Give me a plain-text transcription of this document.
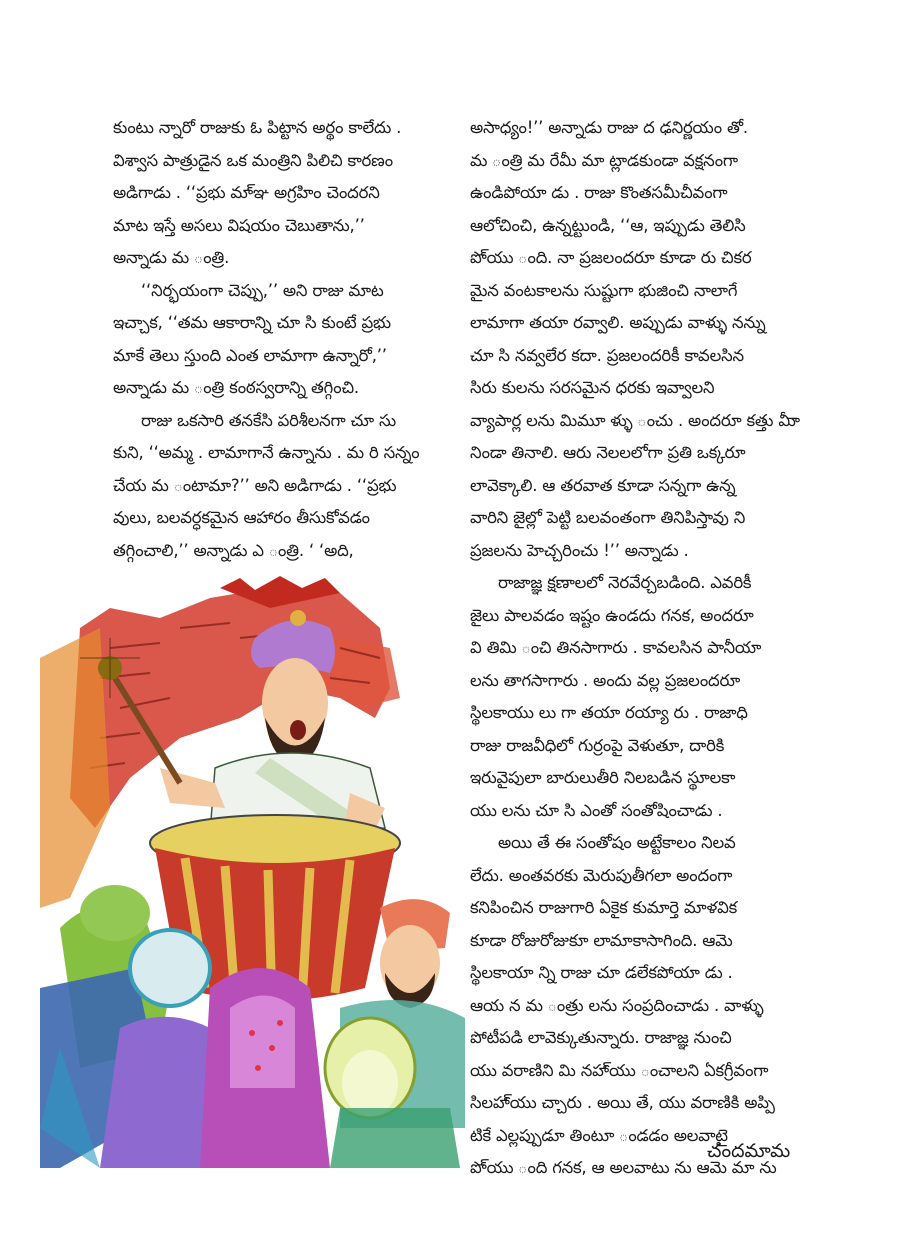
కుంటు న్నారో రాజుకు ఓ పిట్టాన అర్థం కాలేదు .
విశ్వాస పాత్రుడైన ఒక మంత్రిని పిలిచి కారణం
అడిగాడు . ‘‘ప్రభు మా్ఞ అగ్రహిం చెందరని
మాట ఇస్తే అసలు విషయం చెబుతాను,’’
అన్నాడు మ ంత్రి.
‘‘నిర్భయంగా చెప్పు,’’ అని రాజు మాట
ఇచ్చాక, ‘‘తమ ఆకారాన్ని చూ సి కుంటే ప్రభు
మాకే తెలు స్తుంది ఎంత లామాగా ఉన్నారో,’’
అన్నాడు మ ంత్రి కంఠస్వరాన్ని తగ్గించి.
రాజు ఒకసారి తనకేసి పరిశీలనగా చూ సు
కుని, ‘‘అమ్మ . లామాగానే ఉన్నాను . మ రి సన్నం
చేయ మ ంటామా?’’ అని అడిగాడు . ‘‘ప్రభు
వులు, బలవర్ధకమైన ఆహారం తీసుకోవడం
తగ్గించాలి,’’ అన్నాడు ఎ ంత్రి. ‘ ‘అది,
అసాధ్యం!’’ అన్నాడు రాజు ద ఢనిర్ణయం తో.
మ ంత్రి మ రేమీ మా ట్లాడకుండా వక్షనంగా
ఉండిపోయా డు . రాజు కొంతసమీచీవంగా
ఆలోచించి, ఉన్నట్టుండి, ‘‘ఆ, ఇప్పుడు తెలిసి
పొ్యు ంది. నా ప్రజలందరూ కూడా రు చికర
మైన వంటకాలను సుష్టుగా భుజించి నాలాగే
లామాగా తయా రవ్వాలి. అప్పుడు వాళ్ళు నన్ను
చూ సి నవ్వలేర కదా. ప్రజలందరికీ కావలసిన
సిరు కులను సరసమైన ధరకు ఇవ్వాలని
వ్యాపార్ల లను మిమూ ళ్ళు ంచు . అందరూ కత్తు మీా
నిండా తినాలి. ఆరు నెలలలోగా ప్రతి ఒక్కరూ
లావెక్కాలి. ఆ తరవాత కూడా సన్నగా ఉన్న
వారిని జైల్లో పెట్టి బలవంతంగా తినిపిస్తావు ని
ప్రజలను హెచ్చరించు !’’ అన్నాడు .
రాజాజ్ఞ క్షణాలలో నెరవేర్చబడింది. ఎవరికీ
జైలు పాలవడం ఇష్టం ఉండదు గనక, అందరూ
వి తిమి ంచి తినసాగారు . కావలసిన పానీయా
లను తాగసాగారు . అందు వల్ల ప్రజలందరూ
స్థిలకాయు లు గా తయా రయ్యా రు . రాజాధి
రాజు రాజవీధిలో గుర్రంపై వెళుతూ, దారికి
ఇరువైపులా బారులుతీరి నిలబడిన స్థూలకా
యు లను చూ సి ఎంతో సంతోషించాడు .
అయి తే ఈ సంతోషం అట్టేకాలం నిలవ
లేదు. అంతవరకు మెరుపుతీగలా అందంగా
కనిపించిన రాజుగారి ఏకైక కుమార్తె మాళవిక
కూడా రోజురోజుకూ లామాకాసాగింది. ఆమె
స్థిలకాయా న్ని రాజు చూ డలేకపోయా డు .
ఆయ న మ ంత్రు లను సంప్రదించాడు . వాళ్ళు
పోటీపడి లావెక్కుతున్నారు. రాజాజ్ఞ నుంచి
యు వరాణిని మి నహా్యు ంచాలని ఏకగ్రీవంగా
సిలహా్యు చ్చారు . అయి తే, యు వరాణికి అప్పి
టికే ఎల్లప్పుడూ తింటూ ండడం అలవాటై
పొ్యు ంది గనక, ఆ అలవాటు ను ఆమె మా ను
చందమామ
